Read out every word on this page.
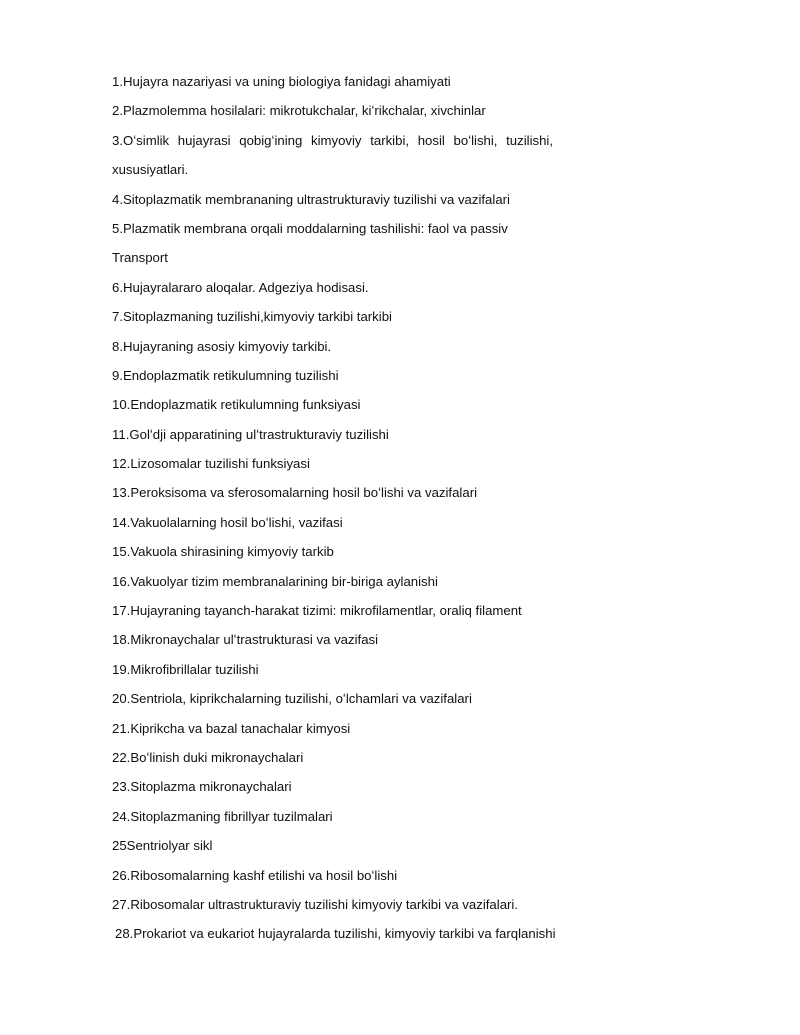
1.Hujayra nazariyasi va uning biologiya fanidagi ahamiyati
2.Plazmolemma hosilalari: mikrotukchalar, kiʻrikchalar, xivchinlar
3.Oʻsimlik hujayrasi qobigʻining kimyoviy tarkibi, hosil boʻlishi, tuzilishi,
xususiyatlari.
4.Sitoplazmatik membrananing ultrastrukturaviy tuzilishi va vazifalari
5.Plazmatik membrana orqali moddalarning tashilishi: faol va passiv
Transport
6.Hujayralararo aloqalar. Adgeziya hodisasi.
7.Sitoplazmaning tuzilishi,kimyoviy tarkibi tarkibi
8.Hujayraning asosiy kimyoviy tarkibi.
9.Endoplazmatik retikulumning tuzilishi
10.Endoplazmatik retikulumning funksiyasi
11.Golʻdji apparatining ulʻtrastrukturaviy tuzilishi
12.Lizosomalar tuzilishi funksiyasi
13.Peroksisoma va sferosomalarning hosil boʻlishi va vazifalari
14.Vakuolalarning hosil boʻlishi, vazifasi
15.Vakuola shirasining kimyoviy tarkib
16.Vakuolyar tizim membranalarining bir-biriga aylanishi
17.Hujayraning tayanch-harakat tizimi: mikrofilamentlar, oraliq filament
18.Mikronaychalar ulʻtrastrukturasi va vazifasi
19.Mikrofibrillalar tuzilishi
20.Sentriola, kiprikchalarning tuzilishi, oʻlchamlari va vazifalari
21.Kiprikcha va bazal tanachalar kimyosi
22.Boʻlinish duki mikronaychalari
23.Sitoplazma mikronaychalari
24.Sitoplazmaning fibrillyar tuzilmalari
25Sentriolyar sikl
26.Ribosomalarning kashf etilishi va hosil boʻlishi
27.Ribosomalar ultrastrukturaviy tuzilishi kimyoviy tarkibi va vazifalari.
28.Prokariot va eukariot hujayralarda tuzilishi, kimyoviy tarkibi va farqlanishi
